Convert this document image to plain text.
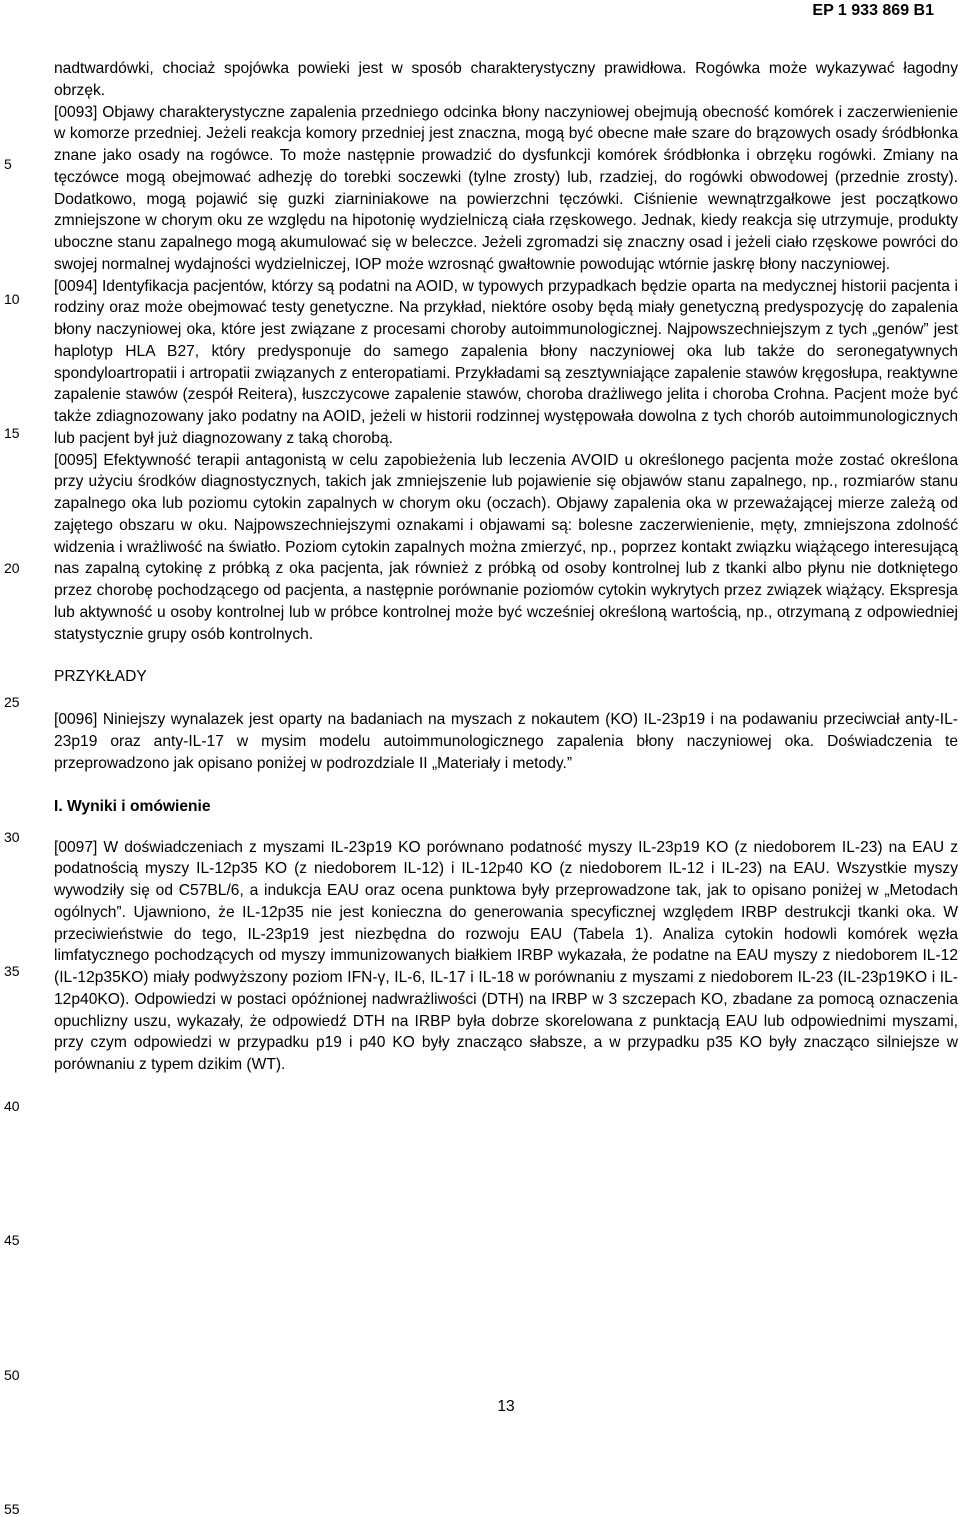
EP 1 933 869 B1
5
10
15
20
25
30
35
40
45
50
55

nadtwardówki, chociaż spojówka powieki jest w sposób charakterystyczny prawidłowa. Rogówka może wykazywać łagodny obrzęk.

[0093] Objawy charakterystyczne zapalenia przedniego odcinka błony naczyniowej obejmują obecność komórek i zaczerwienienie w komorze przedniej. Jeżeli reakcja komory przedniej jest znaczna, mogą być obecne małe szare do brązowych osady śródbłonka znane jako osady na rogówce. To może następnie prowadzić do dysfunkcji komórek śródbłonka i obrzęku rogówki. Zmiany na tęczówce mogą obejmować adhezję do torebki soczewki (tylne zrosty) lub, rzadziej, do rogówki obwodowej (przednie zrosty). Dodatkowo, mogą pojawić się guzki ziarniniakowe na powierzchni tęczówki. Ciśnienie wewnątrzgałkowe jest początkowo zmniejszone w chorym oku ze względu na hipotonię wydzielniczą ciała rzęskowego. Jednak, kiedy reakcja się utrzymuje, produkty uboczne stanu zapalnego mogą akumulować się w beleczce. Jeżeli zgromadzi się znaczny osad i jeżeli ciało rzęskowe powróci do swojej normalnej wydajności wydzielniczej, IOP może wzrosnąć gwałtownie powodując wtórnie jaskrę błony naczyniowej.

[0094] Identyfikacja pacjentów, którzy są podatni na AOID, w typowych przypadkach będzie oparta na medycznej historii pacjenta i rodziny oraz może obejmować testy genetyczne. Na przykład, niektóre osoby będą miały genetyczną predyspozycję do zapalenia błony naczyniowej oka, które jest związane z procesami choroby autoimmunologicznej. Najpowszechniejszym z tych „genów” jest haplotyp HLA B27, który predysponuje do samego zapalenia błony naczyniowej oka lub także do seronegatywnych spondyloartropatii i artropatii związanych z enteropatiami. Przykładami są zesztywniające zapalenie stawów kręgosłupa, reaktywne zapalenie stawów (zespół Reitera), łuszczycowe zapalenie stawów, choroba drażliwego jelita i choroba Crohna. Pacjent może być także zdiagnozowany jako podatny na AOID, jeżeli w historii rodzinnej występowała dowolna z tych chorób autoimmunologicznych lub pacjent był już diagnozowany z taką chorobą.

[0095] Efektywność terapii antagonistą w celu zapobieżenia lub leczenia AVOID u określonego pacjenta może zostać określona przy użyciu środków diagnostycznych, takich jak zmniejszenie lub pojawienie się objawów stanu zapalnego, np., rozmiarów stanu zapalnego oka lub poziomu cytokin zapalnych w chorym oku (oczach). Objawy zapalenia oka w przeważającej mierze zależą od zajętego obszaru w oku. Najpowszechniejszymi oznakami i objawami są: bolesne zaczerwienienie, męty, zmniejszona zdolność widzenia i wrażliwość na światło. Poziom cytokin zapalnych można zmierzyć, np., poprzez kontakt związku wiążącego interesującą nas zapalną cytokinę z próbką z oka pacjenta, jak również z próbką od osoby kontrolnej lub z tkanki albo płynu nie dotkniętego przez chorobę pochodzącego od pacjenta, a następnie porównanie poziomów cytokin wykrytych przez związek wiążący. Ekspresja lub aktywność u osoby kontrolnej lub w próbce kontrolnej może być wcześniej określoną wartością, np., otrzymaną z odpowiedniej statystycznie grupy osób kontrolnych.

PRZYKŁADY

[0096] Niniejszy wynalazek jest oparty na badaniach na myszach z nokautem (KO) IL-23p19 i na podawaniu przeciwciał anty-IL-23p19 oraz anty-IL-17 w mysim modelu autoimmunologicznego zapalenia błony naczyniowej oka. Doświadczenia te przeprowadzono jak opisano poniżej w podrozdziale II „Materiały i metody.”

I. Wyniki i omówienie

[0097] W doświadczeniach z myszami IL-23p19 KO porównano podatność myszy IL-23p19 KO (z niedoborem IL-23) na EAU z podatnością myszy IL-12p35 KO (z niedoborem IL-12) i IL-12p40 KO (z niedoborem IL-12 i IL-23) na EAU. Wszystkie myszy wywodziły się od C57BL/6, a indukcja EAU oraz ocena punktowa były przeprowadzone tak, jak to opisano poniżej w „Metodach ogólnych”. Ujawniono, że IL-12p35 nie jest konieczna do generowania specyficznej względem IRBP destrukcji tkanki oka. W przeciwieństwie do tego, IL-23p19 jest niezbędna do rozwoju EAU (Tabela 1). Analiza cytokin hodowli komórek węzła limfatycznego pochodzących od myszy immunizowanych białkiem IRBP wykazała, że podatne na EAU myszy z niedoborem IL-12 (IL-12p35KO) miały podwyższony poziom IFN-γ, IL-6, IL-17 i IL-18 w porównaniu z myszami z niedoborem IL-23 (IL-23p19KO i IL-12p40KO). Odpowiedzi w postaci opóźnionej nadwrażliwości (DTH) na IRBP w 3 szczepach KO, zbadane za pomocą oznaczenia opuchlizny uszu, wykazały, że odpowiedź DTH na IRBP była dobrze skorelowana z punktacją EAU lub odpowiednimi myszami, przy czym odpowiedzi w przypadku p19 i p40 KO były znacząco słabsze, a w przypadku p35 KO były znacząco silniejsze w porównaniu z typem dzikim (WT).

13
